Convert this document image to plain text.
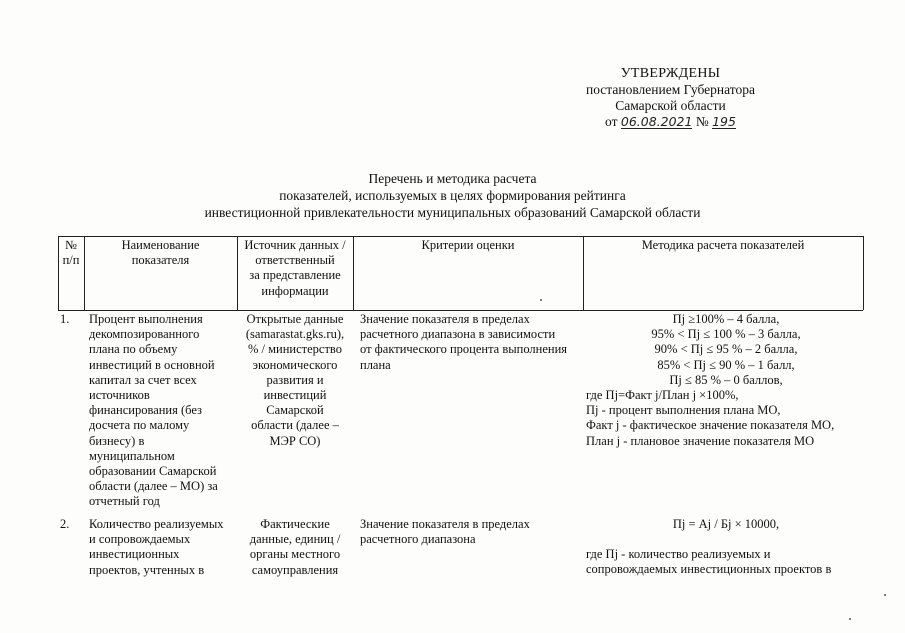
УТВЕРЖДЕНЫ
постановлением Губернатора
Самарской области
от 06.08.2021 № 195
Перечень и методика расчета
показателей, используемых в целях формирования рейтинга
инвестиционной привлекательности муниципальных образований Самарской области
№
п/п
Наименование
показателя
Источник данных /
ответственный
за представление
информации
Критерии оценки	Методика расчета показателей
1. Процент выполнения
декомпозированного
плана по объему
инвестиций в основной
капитал за счет всех
источников
финансирования (без
досчета по малому
бизнесу) в
муниципальном
образовании Самарской
области (далее – МО) за
отчетный год
Открытые данные
(samarastat.gks.ru),
% / министерство
экономического
развития и
инвестиций
Самарской
области (далее –
МЭР СО)
Значение показателя в пределах
расчетного диапазона в зависимости
от фактического процента выполнения
плана
Пj ≥100% – 4 балла,
95% < Пj ≤ 100 % – 3 балла,
90% < Пj ≤ 95 % – 2 балла,
85% < Пj ≤ 90 % – 1 балл,
Пj ≤ 85 % – 0 баллов,
где Пj=Факт j/План j ×100%,
Пj - процент выполнения плана МО,
Факт j - фактическое значение показателя МО,
План j - плановое значение показателя МО
2. Количество реализуемых
и сопровождаемых
инвестиционных
проектов, учтенных в
Фактические
данные, единиц /
органы местного
самоуправления
Значение показателя в пределах
расчетного диапазона
Пj = Аj / Бj × 10000,
где Пj - количество реализуемых и
сопровождаемых инвестиционных проектов в
